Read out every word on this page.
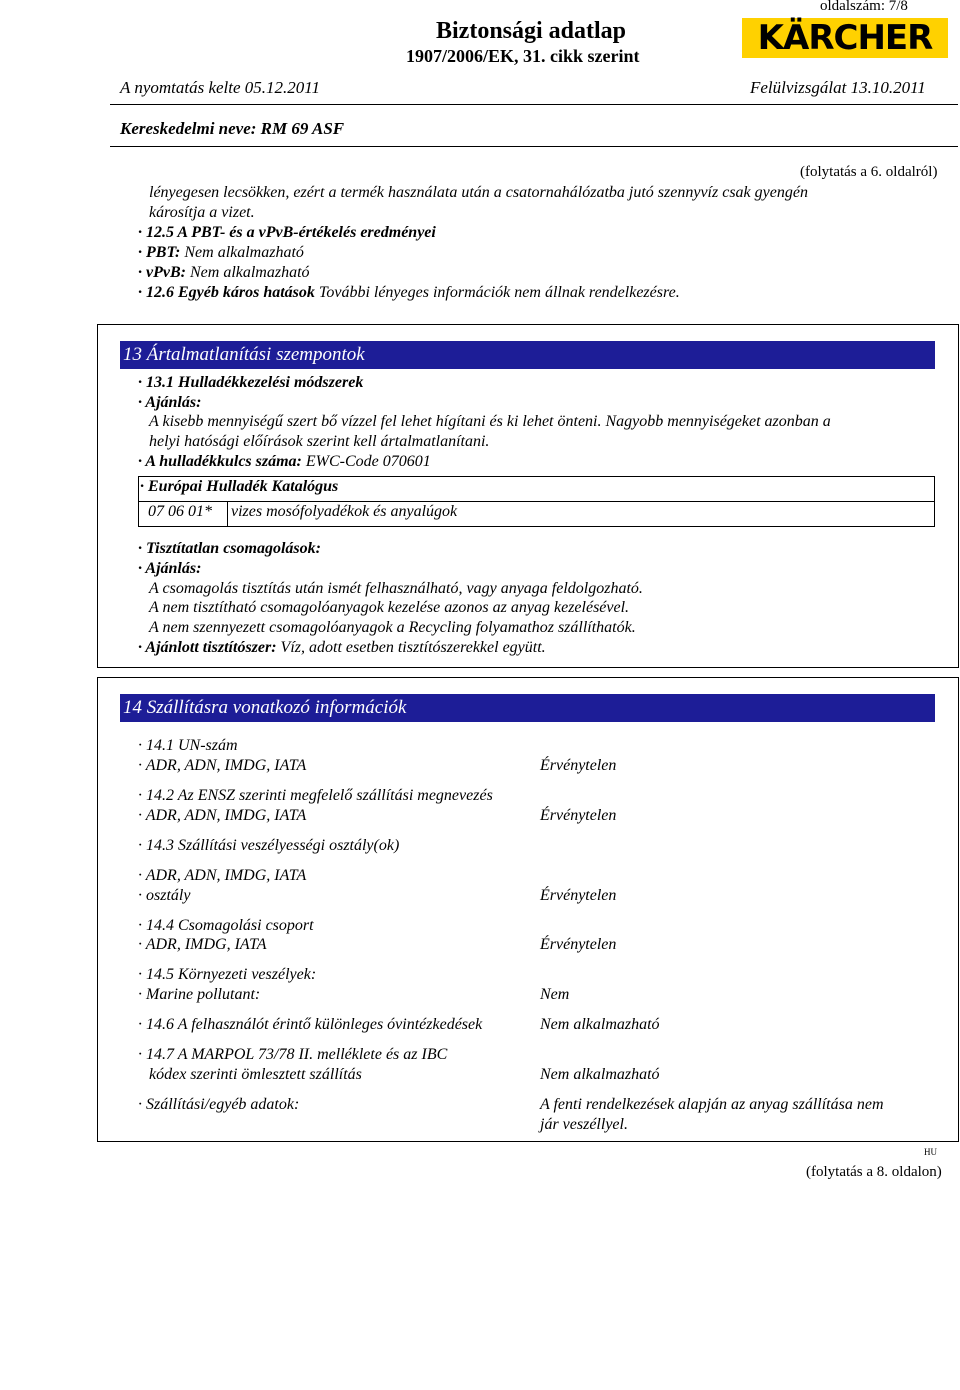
oldalszám: 7/8
Biztonsági adatlap
1907/2006/EK, 31. cikk szerint
A nyomtatás kelte 05.12.2011	Felülvizsgálat 13.10.2011
KÄRCHER
Kereskedelmi neve: RM 69 ASF
(folytatás a 6. oldalról)
lényegesen lecsökken, ezért a termék használata után a csatornahálózatba jutó szennyvíz csak gyengén
károsítja a vizet.
· 12.5 A PBT- és a vPvB-értékelés eredményei
· PBT: Nem alkalmazható
· vPvB: Nem alkalmazható
· 12.6 Egyéb káros hatások További lényeges információk nem állnak rendelkezésre.
13 Ártalmatlanítási szempontok
· 13.1 Hulladékkezelési módszerek
· Ajánlás:
A kisebb mennyiségű szert bő vízzel fel lehet hígítani és ki lehet önteni. Nagyobb mennyiségeket azonban a
helyi hatósági előírások szerint kell ártalmatlanítani.
· A hulladékkulcs száma: EWC-Code 070601
· Európai Hulladék Katalógus
07 06 01* vizes mosófolyadékok és anyalúgok
· Tisztítatlan csomagolások:
· Ajánlás:
A csomagolás tisztítás után ismét felhasználható, vagy anyaga feldolgozható.
A nem tisztítható csomagolóanyagok kezelése azonos az anyag kezelésével.
A nem szennyezett csomagolóanyagok a Recycling folyamathoz szállíthatók.
· Ajánlott tisztítószer: Víz, adott esetben tisztítószerekkel együtt.
14 Szállításra vonatkozó információk
· 14.1 UN-szám
· ADR, ADN, IMDG, IATA	Érvénytelen
· 14.2 Az ENSZ szerinti megfelelő szállítási megnevezés
· ADR, ADN, IMDG, IATA	Érvénytelen
· 14.3 Szállítási veszélyességi osztály(ok)
· ADR, ADN, IMDG, IATA
· osztály	Érvénytelen
· 14.4 Csomagolási csoport
· ADR, IMDG, IATA	Érvénytelen
· 14.5 Környezeti veszélyek:
· Marine pollutant:	Nem
· 14.6 A felhasználót érintő különleges óvintézkedések	Nem alkalmazható
· 14.7 A MARPOL 73/78 II. melléklete és az IBC
kódex szerinti ömlesztett szállítás	Nem alkalmazható
· Szállítási/egyéb adatok:	A fenti rendelkezések alapján az anyag szállítása nem
jár veszéllyel.
HU
(folytatás a 8. oldalon)
